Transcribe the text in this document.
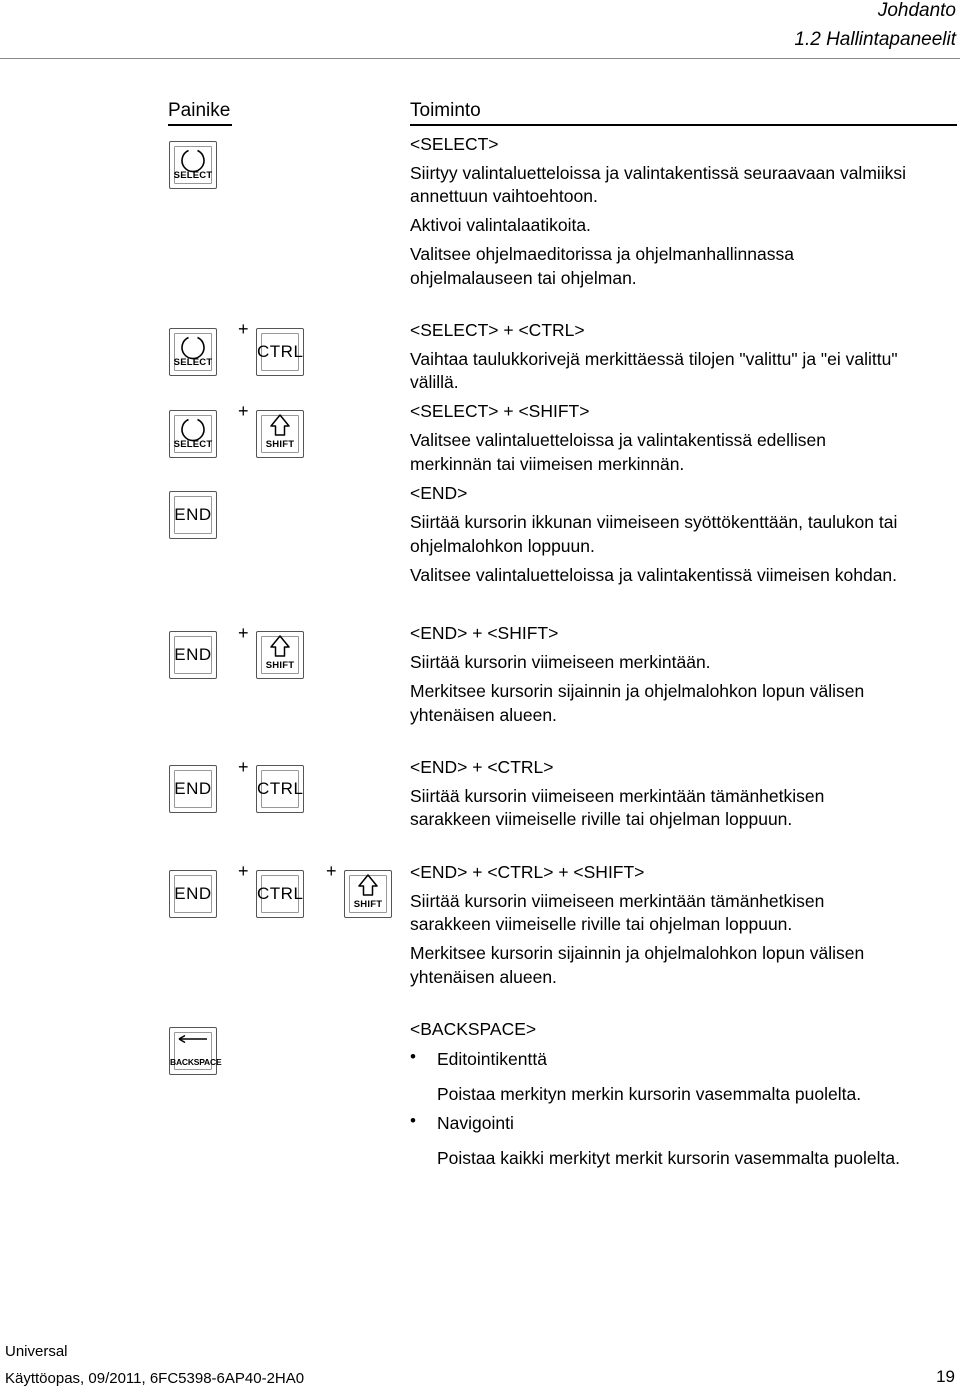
Johdanto
1.2 Hallintapaneelit
Painike	Toiminto
SELECT
<SELECT>
Siirtyy valintaluetteloissa ja valintakentissä seuraavaan valmiiksi
annettuun vaihtoehtoon.
Aktivoi valintalaatikoita.
Valitsee ohjelmaeditorissa ja ohjelmanhallinnassa
ohjelmalauseen tai ohjelman.
SELECT
+
CTRL
<SELECT> + <CTRL>
Vaihtaa taulukkorivejä merkittäessä tilojen "valittu" ja "ei valittu"
välillä.
SELECT
+
SHIFT
<SELECT> + <SHIFT>
Valitsee valintaluetteloissa ja valintakentissä edellisen
merkinnän tai viimeisen merkinnän.
END
<END>
Siirtää kursorin ikkunan viimeiseen syöttökenttään, taulukon tai
ohjelmalohkon loppuun.
Valitsee valintaluetteloissa ja valintakentissä viimeisen kohdan.
END
+
SHIFT
<END> + <SHIFT>
Siirtää kursorin viimeiseen merkintään.
Merkitsee kursorin sijainnin ja ohjelmalohkon lopun välisen
yhtenäisen alueen.
END
+
CTRL
<END> + <CTRL>
Siirtää kursorin viimeiseen merkintään tämänhetkisen
sarakkeen viimeiselle riville tai ohjelman loppuun.
END
+
CTRL
+
SHIFT
<END> + <CTRL> + <SHIFT>
Siirtää kursorin viimeiseen merkintään tämänhetkisen
sarakkeen viimeiselle riville tai ohjelman loppuun.
Merkitsee kursorin sijainnin ja ohjelmalohkon lopun välisen
yhtenäisen alueen.
BACKSPACE
<BACKSPACE>
• Editointikenttä
Poistaa merkityn merkin kursorin vasemmalta puolelta.
• Navigointi
Poistaa kaikki merkityt merkit kursorin vasemmalta puolelta.
Universal
Käyttöopas, 09/2011, 6FC5398-6AP40-2HA0	19
